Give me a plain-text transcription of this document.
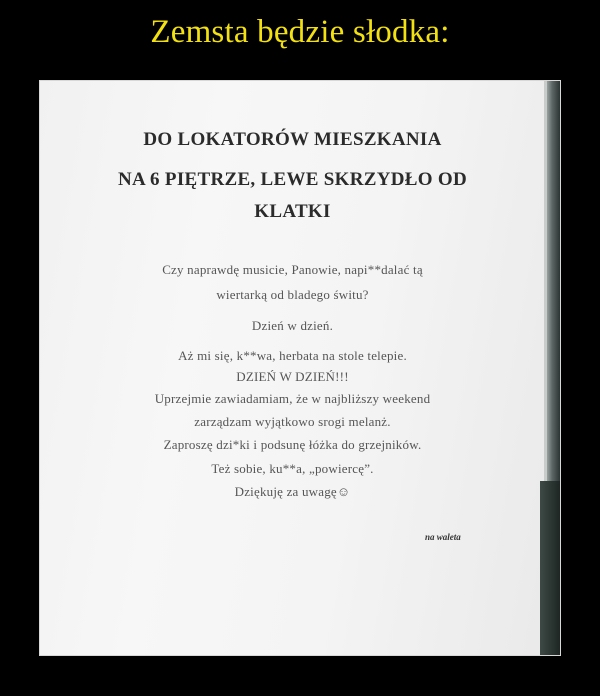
Zemsta będzie słodka:
DO LOKATORÓW MIESZKANIA
NA 6 PIĘTRZE, LEWE SKRZYDŁO OD
KLATKI
Czy naprawdę musicie, Panowie, napi**dalać tą
wiertarką od bladego świtu?
Dzień w dzień.
Aż mi się, k**wa, herbata na stole telepie.
DZIEŃ W DZIEŃ!!!
Uprzejmie zawiadamiam, że w najbliższy weekend
zarządzam wyjątkowo srogi melanż.
Zaproszę dzi*ki i podsunę łóżka do grzejników.
Też sobie, ku**a, „powiercę”.
Dziękuję za uwagę☺
na waleta
